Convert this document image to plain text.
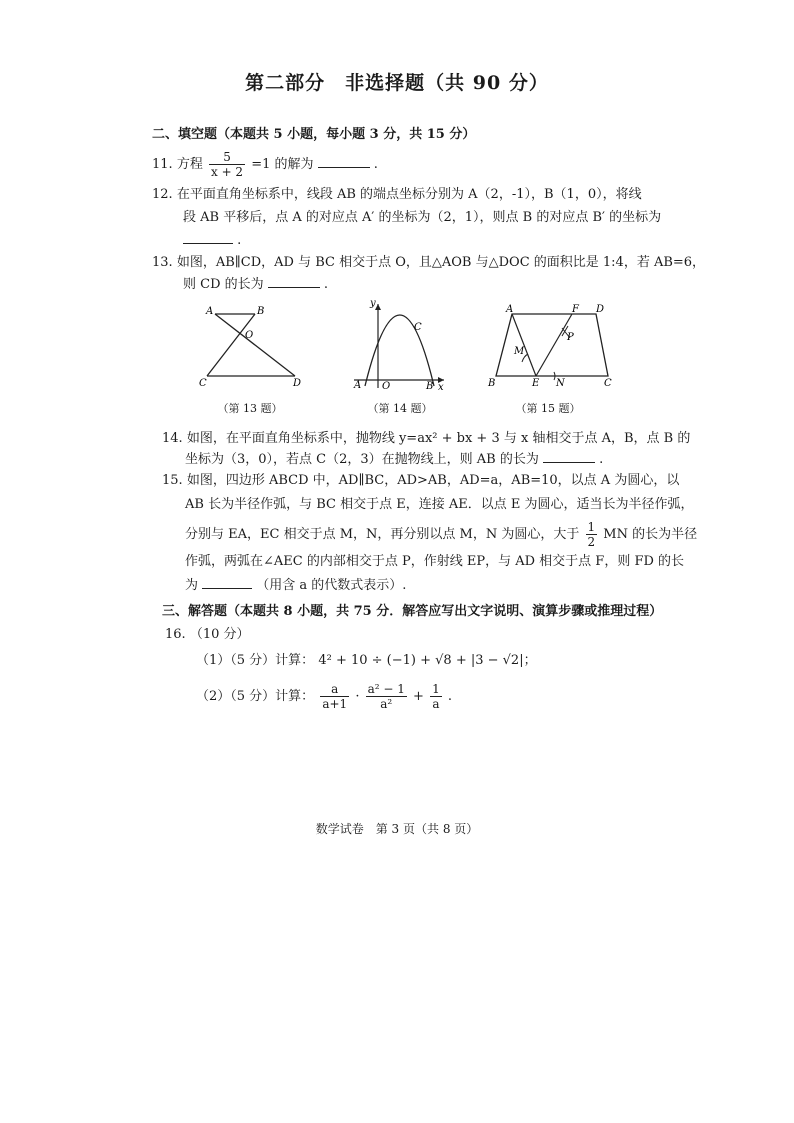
第二部分　非选择题（共 90 分）
二、填空题（本题共 5 小题，每小题 3 分，共 15 分）
11. 方程 $\frac{5}{x + 2} =1$ 的解为	.
12. 在平面直角坐标系中，线段 AB 的端点坐标分别为 A（2，-1），B（1，0），将线
段 AB 平移后，点 A 的对应点 A′ 的坐标为（2，1），则点 B 的对应点 B′ 的坐标为
.
13. 如图，AB∥CD，AD 与 BC 相交于点 O，且△AOB 与△DOC 的面积比是 1:4，若 AB=6，
则 CD 的长为	.
A	B
O
C	D
（第 13 题）
y
C
A O	B x
（第 14 题）
A	F D
P
M
B	E N	C
（第 15 题）
14. 如图，在平面直角坐标系中，抛物线 y=ax² + bx + 3 与 x 轴相交于点 A，B，点 B 的
坐标为（3，0），若点 C（2，3）在抛物线上，则 AB 的长为	.
15. 如图，四边形 ABCD 中，AD∥BC，AD>AB，AD=a，AB=10，以点 A 为圆心，以
AB 长为半径作弧，与 BC 相交于点 E，连接 AE．以点 E 为圆心，适当长为半径作弧，
分别与 EA，EC 相交于点 M，N，再分别以点 M，N 为圆心，大于 $\frac{1}{2}$ MN 的长为半径
作弧，两弧在∠AEC 的内部相交于点 P，作射线 EP，与 AD 相交于点 F，则 FD 的长
为	（用含 a 的代数式表示）.
三、解答题（本题共 8 小题，共 75 分．解答应写出文字说明、演算步骤或推理过程）
16. （10 分）
（1）（5 分）计算： 4² + 10 ÷ (−1) + √8 + |3 − √2|；
（2）（5 分）计算： $\frac{a}{a+1} \cdot \frac{\text{a² − 1}}{\text{a²}} + \frac{1}{a}$ .
数学试卷　第 3 页（共 8 页）
